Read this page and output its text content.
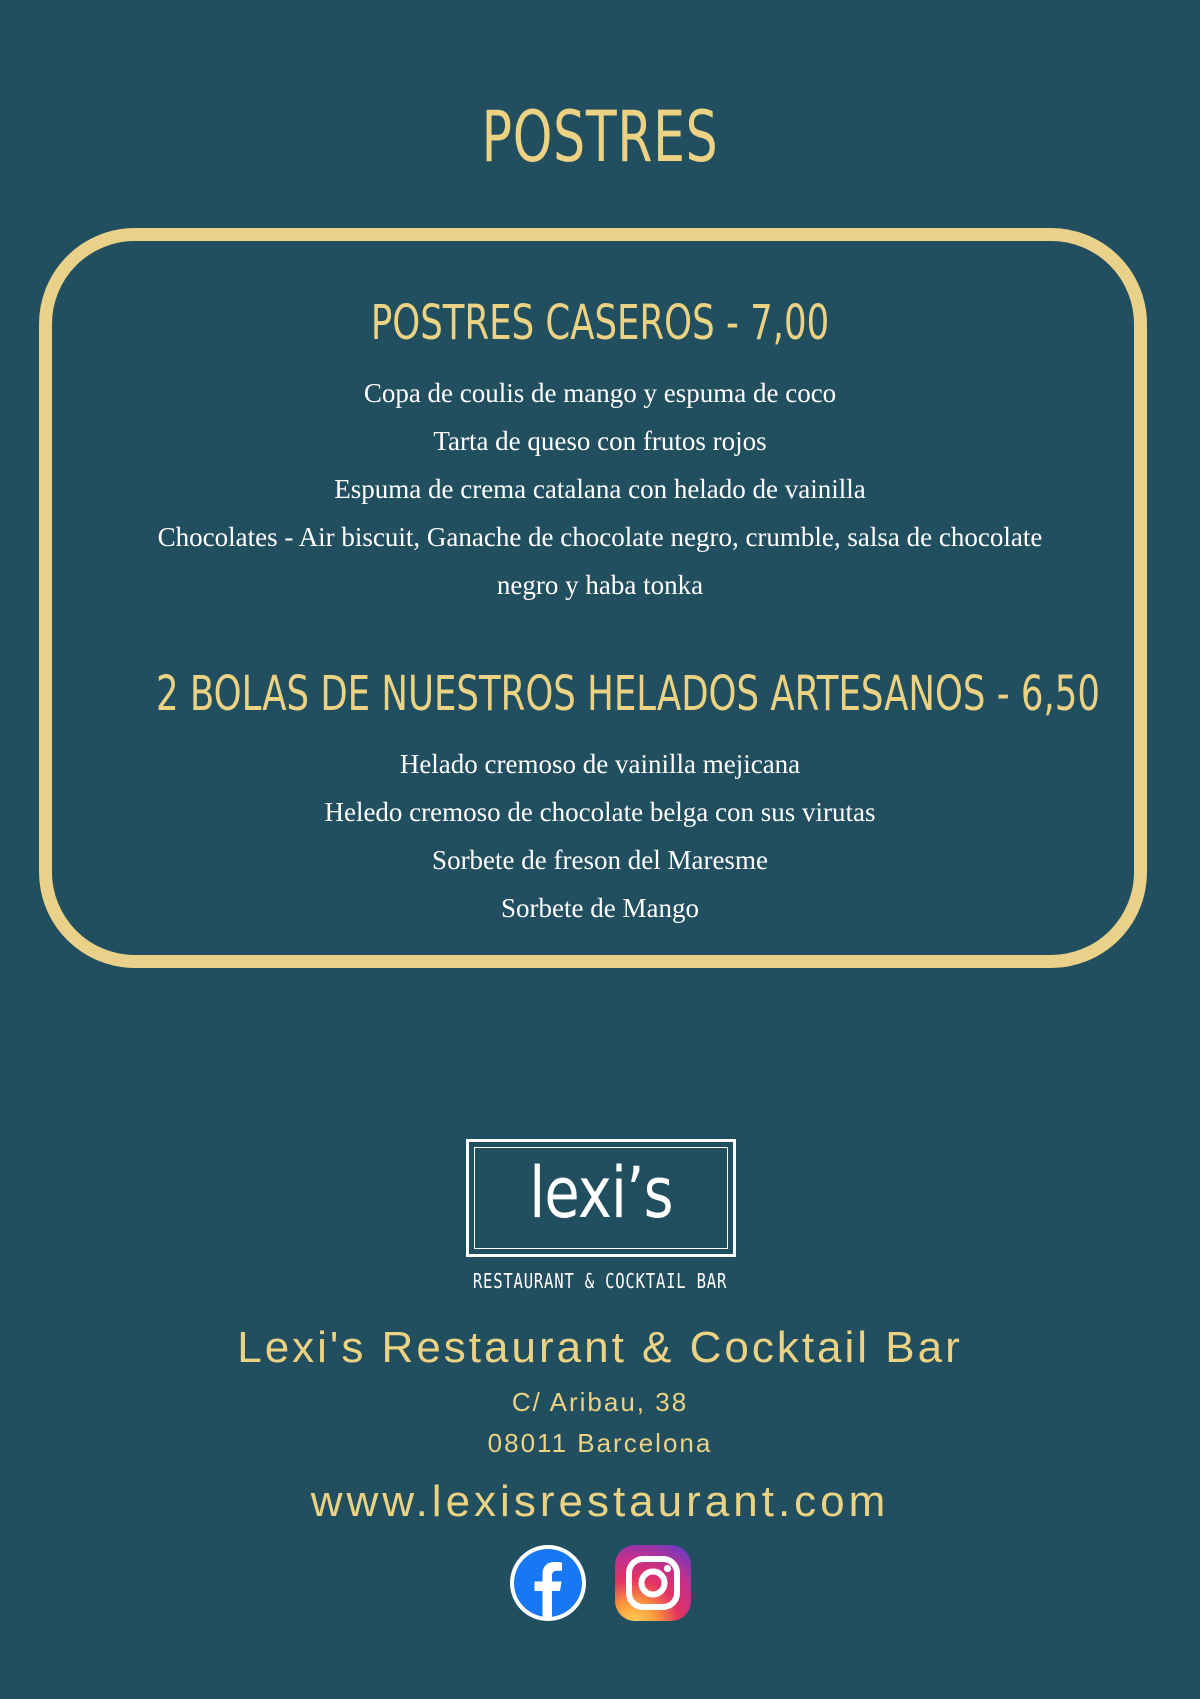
POSTRES
POSTRES CASEROS - 7,00
Copa de coulis de mango y espuma de coco
Tarta de queso con frutos rojos
Espuma de crema catalana con helado de vainilla
Chocolates - Air biscuit, Ganache de chocolate negro, crumble, salsa de chocolate
negro y haba tonka
2 BOLAS DE NUESTROS HELADOS ARTESANOS - 6,50
Helado cremoso de vainilla mejicana
Heledo cremoso de chocolate belga con sus virutas
Sorbete de freson del Maresme
Sorbete de Mango
lexi’s
RESTAURANT & COCKTAIL BAR
Lexi's Restaurant & Cocktail Bar
C/ Aribau, 38
08011 Barcelona
www.lexisrestaurant.com
